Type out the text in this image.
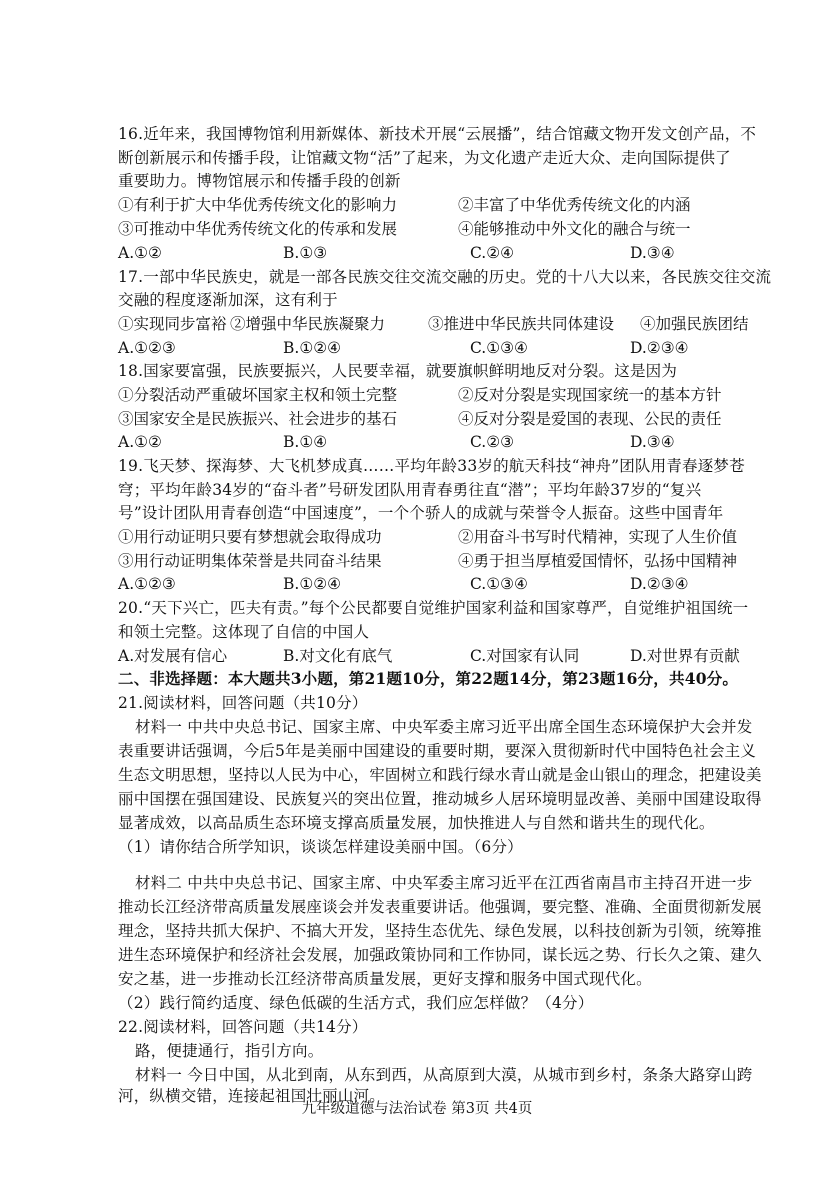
16.近年来，我国博物馆利用新媒体、新技术开展“云展播”，结合馆藏文物开发文创产品，不
断创新展示和传播手段，让馆藏文物“活”了起来，为文化遗产走近大众、走向国际提供了
重要助力。博物馆展示和传播手段的创新
①有利于扩大中华优秀传统文化的影响力	②丰富了中华优秀传统文化的内涵
③可推动中华优秀传统文化的传承和发展	④能够推动中外文化的融合与统一
A.①②	B.①③	C.②④	D.③④
17.一部中华民族史，就是一部各民族交往交流交融的历史。党的十八大以来，各民族交往交流
交融的程度逐渐加深，这有利于
①实现同步富裕 ②增强中华民族凝聚力	③推进中华民族共同体建设 ④加强民族团结
A.①②③	B.①②④	C.①③④	D.②③④
18.国家要富强，民族要振兴，人民要幸福，就要旗帜鲜明地反对分裂。这是因为
①分裂活动严重破坏国家主权和领土完整	②反对分裂是实现国家统一的基本方针
③国家安全是民族振兴、社会进步的基石	④反对分裂是爱国的表现、公民的责任
A.①②	B.①④	C.②③	D.③④
19.飞天梦、探海梦、大飞机梦成真……平均年龄33岁的航天科技“神舟”团队用青春逐梦苍
穹；平均年龄34岁的“奋斗者”号研发团队用青春勇往直“潜”；平均年龄37岁的“复兴
号”设计团队用青春创造“中国速度”，一个个骄人的成就与荣誉令人振奋。这些中国青年
①用行动证明只要有梦想就会取得成功	②用奋斗书写时代精神，实现了人生价值
③用行动证明集体荣誉是共同奋斗结果	④勇于担当厚植爱国情怀，弘扬中国精神
A.①②③	B.①②④	C.①③④	D.②③④
20.“天下兴亡，匹夫有责。”每个公民都要自觉维护国家利益和国家尊严，自觉维护祖国统一
和领土完整。这体现了自信的中国人
A.对发展有信心	B.对文化有底气	C.对国家有认同	D.对世界有贡献
二、非选择题：本大题共3小题，第21题10分，第22题14分，第23题16分，共40分。
21.阅读材料，回答问题（共10分）
材料一 中共中央总书记、国家主席、中央军委主席习近平出席全国生态环境保护大会并发
表重要讲话强调，今后5年是美丽中国建设的重要时期，要深入贯彻新时代中国特色社会主义
生态文明思想，坚持以人民为中心，牢固树立和践行绿水青山就是金山银山的理念，把建设美
丽中国摆在强国建设、民族复兴的突出位置，推动城乡人居环境明显改善、美丽中国建设取得
显著成效，以高品质生态环境支撑高质量发展，加快推进人与自然和谐共生的现代化。
（1）请你结合所学知识，谈谈怎样建设美丽中国。（6分）
材料二 中共中央总书记、国家主席、中央军委主席习近平在江西省南昌市主持召开进一步
推动长江经济带高质量发展座谈会并发表重要讲话。他强调，要完整、准确、全面贯彻新发展
理念，坚持共抓大保护、不搞大开发，坚持生态优先、绿色发展，以科技创新为引领，统筹推
进生态环境保护和经济社会发展，加强政策协同和工作协同，谋长远之势、行长久之策、建久
安之基，进一步推动长江经济带高质量发展，更好支撑和服务中国式现代化。
（2）践行简约适度、绿色低碳的生活方式，我们应怎样做？（4分）
22.阅读材料，回答问题（共14分）
路，便捷通行，指引方向。
材料一 今日中国，从北到南，从东到西，从高原到大漠，从城市到乡村，条条大路穿山跨
河，纵横交错，连接起祖国壮丽山河。
九年级道德与法治试卷 第3页 共4页
